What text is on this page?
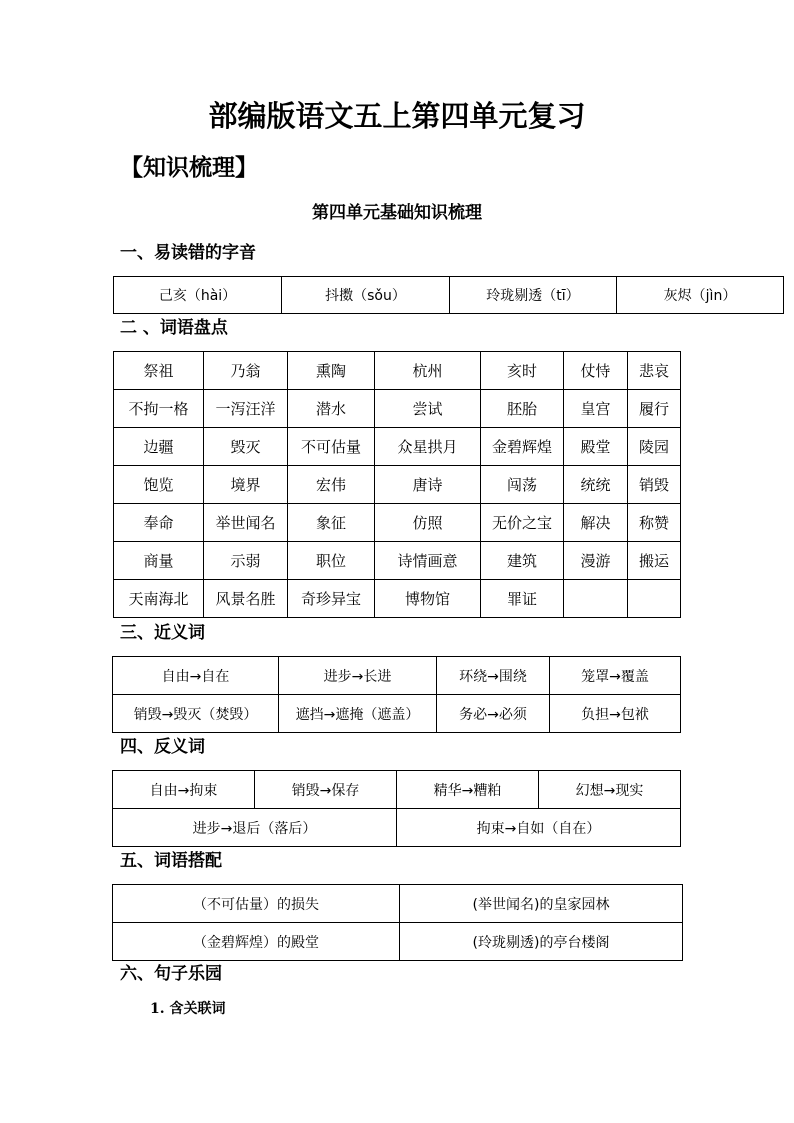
部编版语文五上第四单元复习
【知识梳理】
第四单元基础知识梳理
一、易读错的字音
己亥（hài）	抖擞（sǒu）	玲珑剔透（tī）	灰烬（jìn）
二 、词语盘点
祭祖	乃翁	熏陶	杭州	亥时	仗恃	悲哀
不拘一格	一泻汪洋	潜水	尝试	胚胎	皇宫	履行
边疆	毁灭	不可估量	众星拱月	金碧辉煌	殿堂	陵园
饱览	境界	宏伟	唐诗	闯荡	统统	销毁
奉命	举世闻名	象征	仿照	无价之宝	解决	称赞
商量	示弱	职位	诗情画意	建筑	漫游	搬运
天南海北	风景名胜	奇珍异宝	博物馆	罪证		
三、近义词
自由→自在	进步→长进	环绕→围绕	笼罩→覆盖
销毁→毁灭（焚毁）	遮挡→遮掩（遮盖）	务必→必须	负担→包袱
四、反义词
自由→拘束	销毁→保存	精华→糟粕	幻想→现实
进步→退后（落后）		拘束→自如（自在）	
五、词语搭配
（不可估量）的损失	(举世闻名)的皇家园林
（金碧辉煌）的殿堂	(玲珑剔透)的亭台楼阁
六、句子乐园
1. 含关联词
